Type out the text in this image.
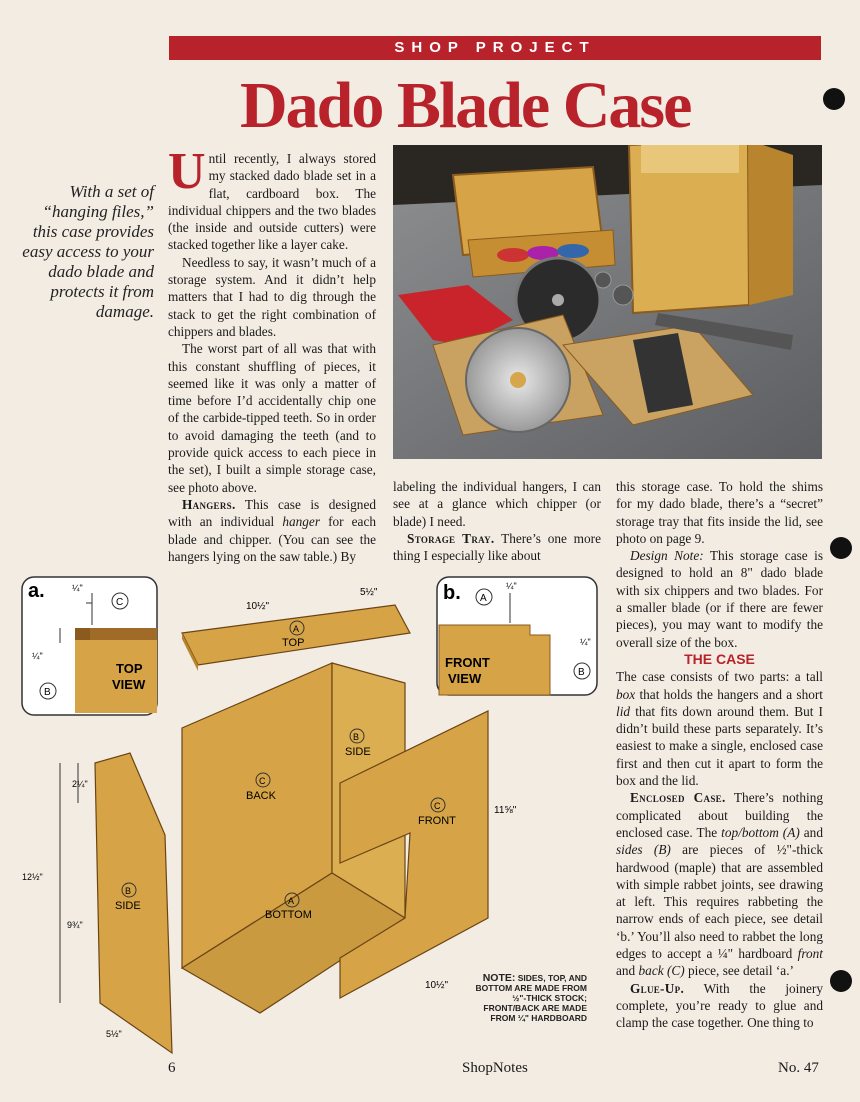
SHOP PROJECT
Dado Blade Case
With a set of “hanging files,” this case provides easy access to your dado blade and protects it from damage.

Until recently, I always stored my stacked dado blade set in a flat, cardboard box. The individual chippers and the two blades (the inside and outside cutters) were stacked together like a layer cake.

Needless to say, it wasn’t much of a storage system. And it didn’t help matters that I had to dig through the stack to get the right combination of chippers and blades.

The worst part of all was that with this constant shuffling of pieces, it seemed like it was only a matter of time before I’d accidentally chip one of the carbide-tipped teeth. So in order to avoid damaging the teeth (and to provide quick access to each piece in the set), I built a simple storage case, see photo above.

Hangers. This case is designed with an individual hanger for each blade and chipper. (You can see the hangers lying on the saw table.) By

labeling the individual hangers, I can see at a glance which chipper (or blade) I need.

Storage Tray. There’s one more thing I especially like about

this storage case. To hold the shims for my dado blade, there’s a “secret” storage tray that fits inside the lid, see photo on page 9.

Design Note: This storage case is designed to hold an 8" dado blade with six chippers and two blades. For a smaller blade (or if there are fewer pieces), you may want to modify the overall size of the box.

THE CASE

The case consists of two parts: a tall box that holds the hangers and a short lid that fits down around them. But I didn’t build these parts separately. It’s easiest to make a single, enclosed case first and then cut it apart to form the box and the lid.

Enclosed Case. There’s nothing complicated about building the enclosed case. The top/bottom (A) and sides (B) are pieces of ½"-thick hardwood (maple) that are assembled with simple rabbet joints, see drawing at left. This requires rabbeting the narrow ends of each piece, see detail ‘b.’ You’ll also need to rabbet the long edges to accept a ¼" hardboard front and back (C) piece, see detail ‘a.’

Glue-Up. With the joinery complete, you’re ready to glue and clamp the case together. One thing to

a.	¼"
¼"
C
B
TOP
VIEW
b.	¼"
¼"
A
B
FRONT
VIEW
A
TOP
10½"
5½"
C
BACK
B
SIDE
A
BOTTOM
C
FRONT
11⅝"
10½"
B
SIDE
2¼"
12½"
9¾"
5½"
NOTE: SIDES, TOP, AND BOTTOM ARE MADE FROM ½"-THICK STOCK; FRONT/BACK ARE MADE FROM ¼" HARDBOARD
6	ShopNotes	No. 47
